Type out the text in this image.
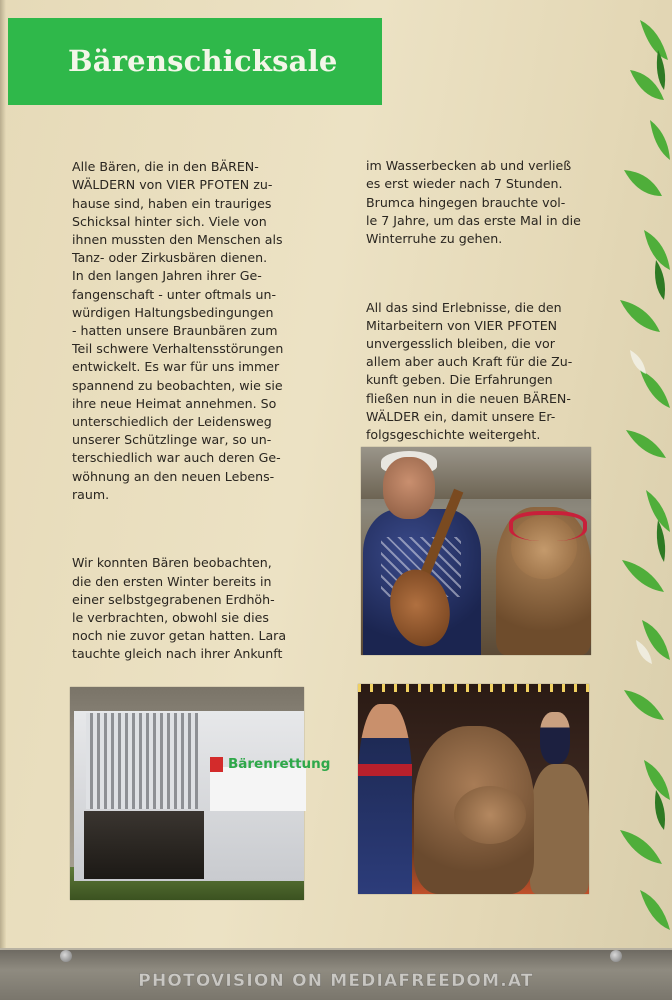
Bärenschicksale

Alle Bären, die in den BÄREN-
WÄLDERN von VIER PFOTEN zu-
hause sind, haben ein trauriges
Schicksal hinter sich. Viele von
ihnen mussten den Menschen als
Tanz- oder Zirkusbären dienen.
In den langen Jahren ihrer Ge-
fangenschaft - unter oftmals un-
würdigen Haltungsbedingungen
- hatten unsere Braunbären zum
Teil schwere Verhaltensstörungen
entwickelt. Es war für uns immer
spannend zu beobachten, wie sie
ihre neue Heimat annehmen. So
unterschiedlich der Leidensweg
unserer Schützlinge war, so un-
terschiedlich war auch deren Ge-
wöhnung an den neuen Lebens-
raum.

Wir konnten Bären beobachten,
die den ersten Winter bereits in
einer selbstgegrabenen Erdhöh-
le verbrachten, obwohl sie dies
noch nie zuvor getan hatten. Lara
tauchte gleich nach ihrer Ankunft

im Wasserbecken ab und verließ
es erst wieder nach 7 Stunden.
Brumca hingegen brauchte vol-
le 7 Jahre, um das erste Mal in die
Winterruhe zu gehen.

All das sind Erlebnisse, die den
Mitarbeitern von VIER PFOTEN
unvergesslich bleiben, die vor
allem aber auch Kraft für die Zu-
kunft geben. Die Erfahrungen
fließen nun in die neuen BÄREN-
WÄLDER ein, damit unsere Er-
folgsgeschichte weitergeht.

Bärenrettung
PHOTOVISION ON MEDIAFREEDOM.AT
